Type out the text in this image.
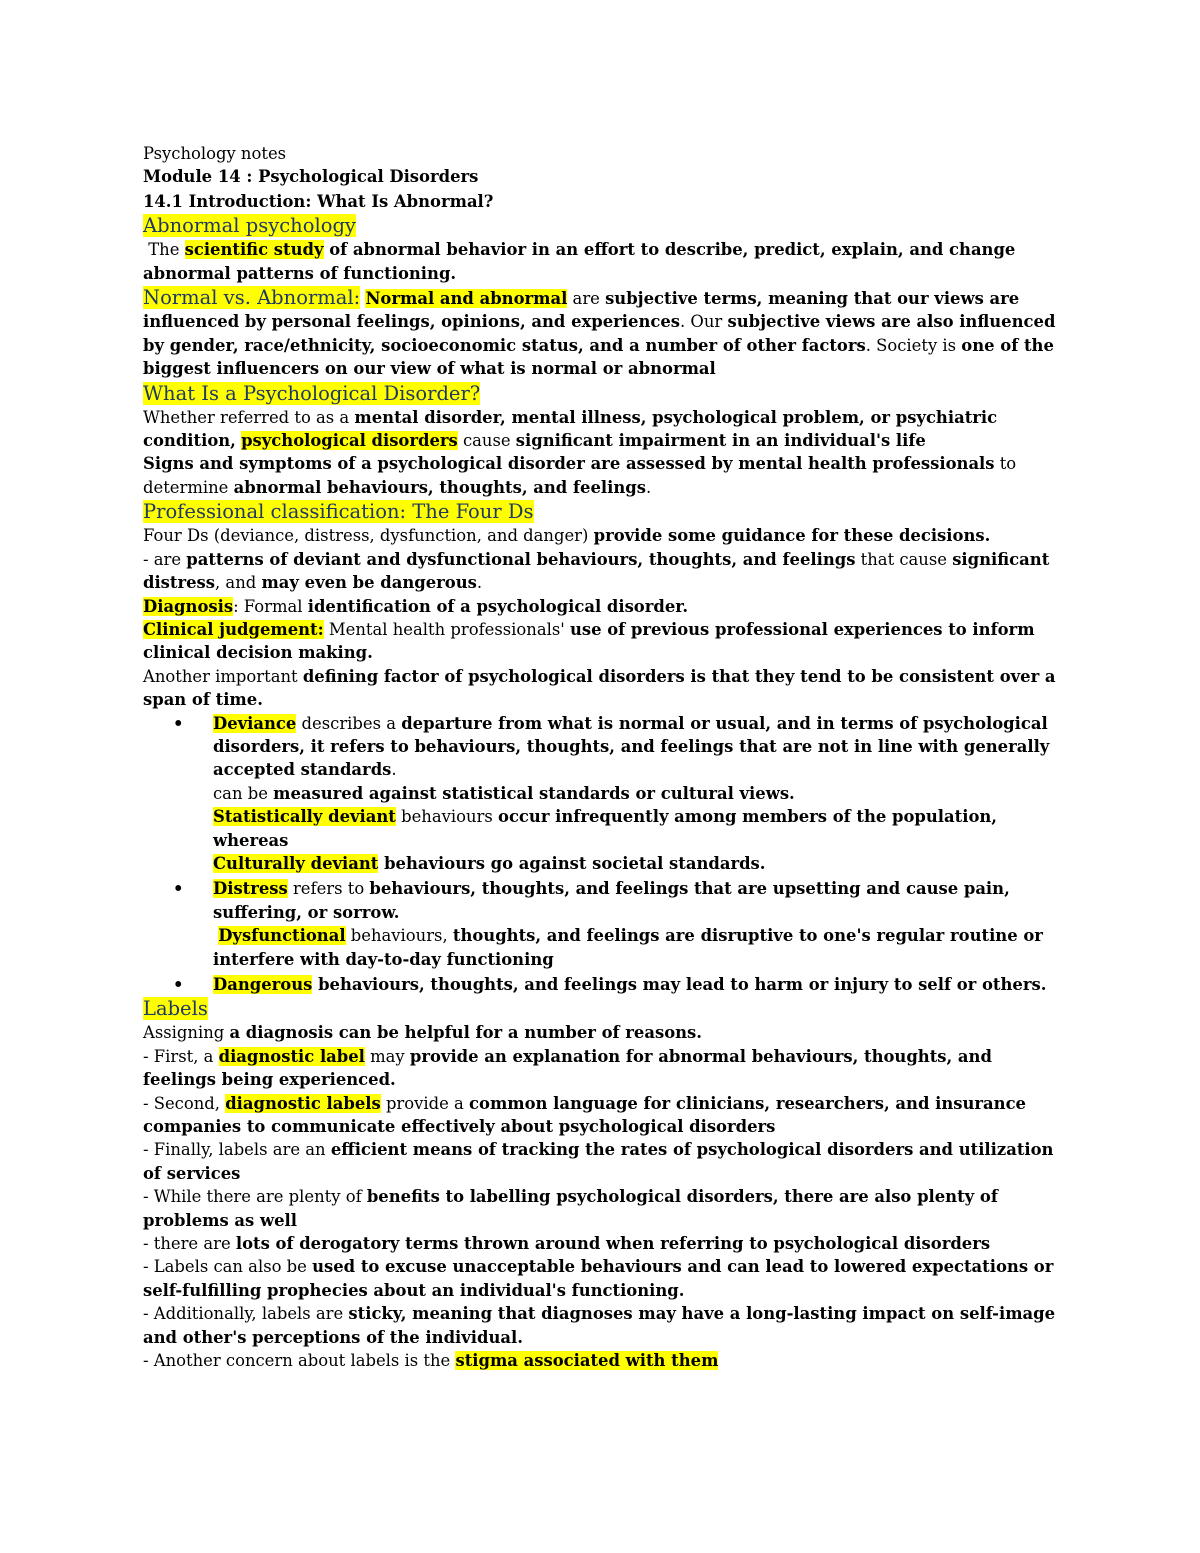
Psychology notes
Module 14 : Psychological Disorders
14.1 Introduction: What Is Abnormal?
Abnormal psychology
The scientific study of abnormal behavior in an effort to describe, predict, explain, and change abnormal patterns of functioning.
Normal vs. Abnormal: Normal and abnormal are subjective terms, meaning that our views are influenced by personal feelings, opinions, and experiences. Our subjective views are also influenced by gender, race/ethnicity, socioeconomic status, and a number of other factors. Society is one of the biggest influencers on our view of what is normal or abnormal
What Is a Psychological Disorder?
Whether referred to as a mental disorder, mental illness, psychological problem, or psychiatric condition, psychological disorders cause significant impairment in an individual's life
Signs and symptoms of a psychological disorder are assessed by mental health professionals to determine abnormal behaviours, thoughts, and feelings.
Professional classification: The Four Ds
Four Ds (deviance, distress, dysfunction, and danger) provide some guidance for these decisions.
- are patterns of deviant and dysfunctional behaviours, thoughts, and feelings that cause significant distress, and may even be dangerous.
Diagnosis: Formal identification of a psychological disorder.
Clinical judgement: Mental health professionals' use of previous professional experiences to inform clinical decision making.
Another important defining factor of psychological disorders is that they tend to be consistent over a span of time.
• Deviance describes a departure from what is normal or usual, and in terms of psychological disorders, it refers to behaviours, thoughts, and feelings that are not in line with generally accepted standards.
can be measured against statistical standards or cultural views.
Statistically deviant behaviours occur infrequently among members of the population, whereas
Culturally deviant behaviours go against societal standards.
• Distress refers to behaviours, thoughts, and feelings that are upsetting and cause pain, suffering, or sorrow.
Dysfunctional behaviours, thoughts, and feelings are disruptive to one's regular routine or interfere with day-to-day functioning
• Dangerous behaviours, thoughts, and feelings may lead to harm or injury to self or others.
Labels
Assigning a diagnosis can be helpful for a number of reasons.
- First, a diagnostic label may provide an explanation for abnormal behaviours, thoughts, and feelings being experienced.
- Second, diagnostic labels provide a common language for clinicians, researchers, and insurance companies to communicate effectively about psychological disorders
- Finally, labels are an efficient means of tracking the rates of psychological disorders and utilization of services
- While there are plenty of benefits to labelling psychological disorders, there are also plenty of problems as well
- there are lots of derogatory terms thrown around when referring to psychological disorders
- Labels can also be used to excuse unacceptable behaviours and can lead to lowered expectations or self-fulfilling prophecies about an individual's functioning.
- Additionally, labels are sticky, meaning that diagnoses may have a long-lasting impact on self-image and other's perceptions of the individual.
- Another concern about labels is the stigma associated with them
